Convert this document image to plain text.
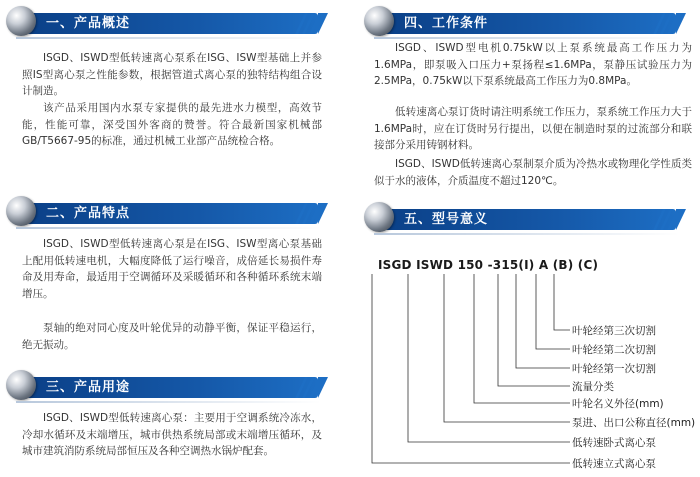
一、产品概述

ISGD、ISWD型低转速离心泵系在ISG、ISW型基础上并参照IS型离心泵之性能参数，根据管道式离心泵的独特结构组合设计制造。

该产品采用国内水泵专家提供的最先进水力模型，高效节能，性能可靠，深受国外客商的赞誉。符合最新国家机械部GB/T5667-95的标准，通过机械工业部产品统检合格。

二、产品特点

ISGD、ISWD型低转速离心泵是在ISG、ISW型离心泵基础上配用低转速电机，大幅度降低了运行噪音，成倍延长易损件寿命及用寿命，最适用于空调循环及采暖循环和各种循环系统末端增压。

泵轴的绝对同心度及叶轮优异的动静平衡，保证平稳运行，绝无振动。

三、产品用途

ISGD、ISWD型低转速离心泵：主要用于空调系统冷冻水，冷却水循环及末端增压，城市供热系统局部或末端增压循环，及城市建筑消防系统局部恒压及各种空调热水锅炉配套。

四、工作条件

ISGD、ISWD型电机0.75kW以上泵系统最高工作压力为1.6MPa，即泵吸入口压力+泵扬程≤1.6MPa，泵静压试验压力为2.5MPa，0.75kW以下泵系统最高工作压力为0.8MPa。

低转速离心泵订货时请注明系统工作压力，泵系统工作压力大于1.6MPa时，应在订货时另行提出，以便在制造时泵的过流部分和联接部分采用铸钢材料。

ISGD、ISWD低转速离心泵制泵介质为冷热水或物理化学性质类似于水的液体，介质温度不超过120℃。

五、型号意义
ISGD ISWD 150 -315(I) A (B) (C)
叶轮经第三次切割
叶轮经第二次切割
叶轮经第一次切割
流量分类
叶轮名义外径(mm)
泵进、出口公称直径(mm)
低转速卧式离心泵
低转速立式离心泵
